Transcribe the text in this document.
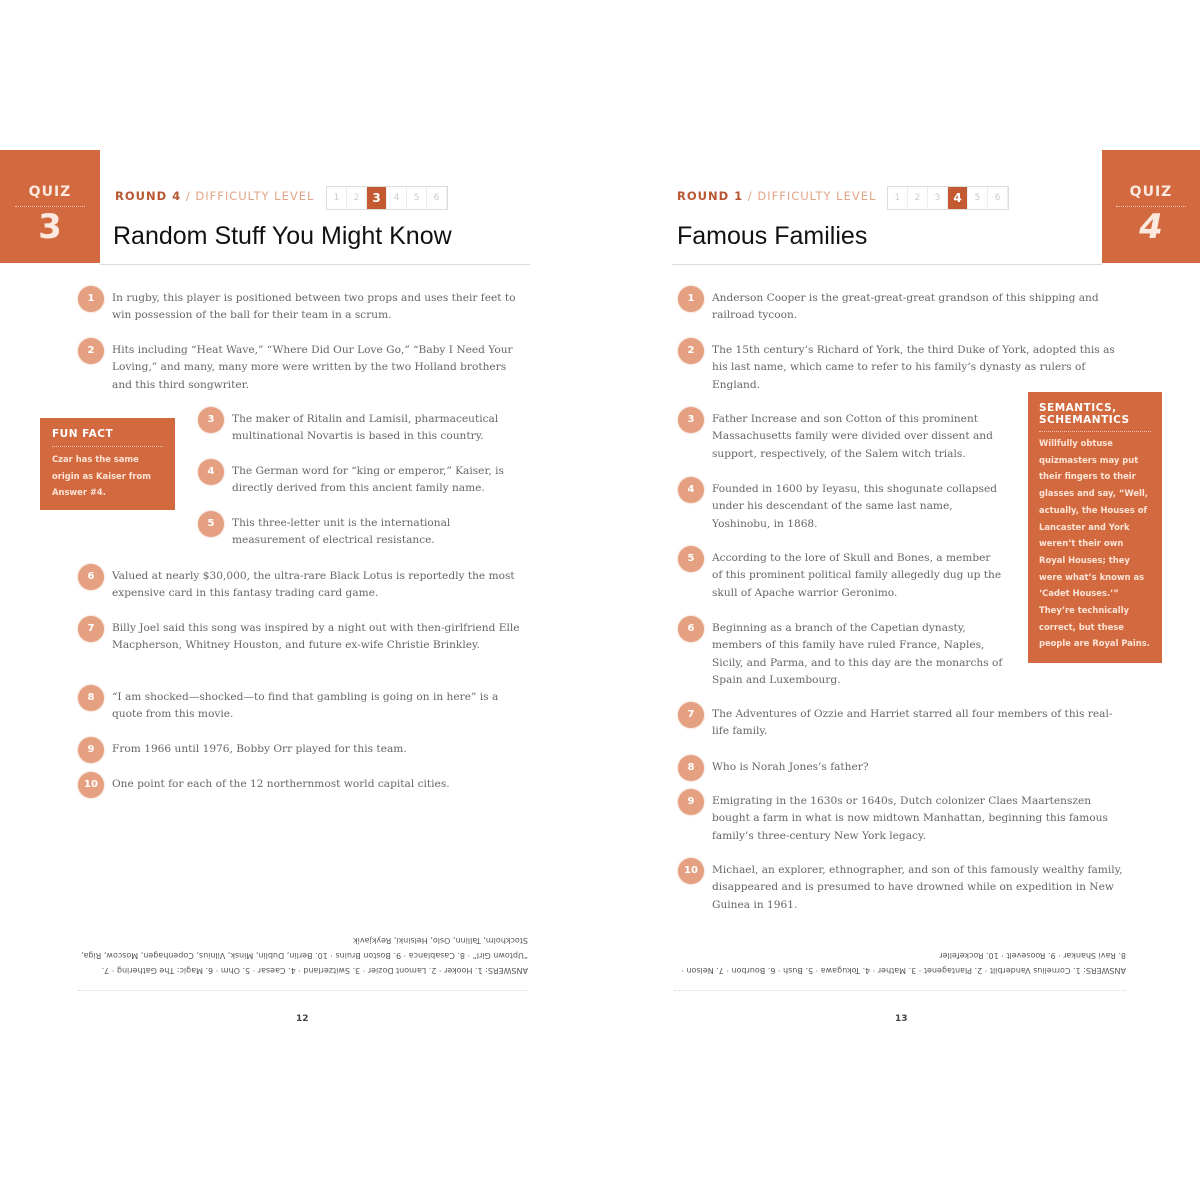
QUIZ
3
ROUND 4 / DIFFICULTY LEVEL	1	2	3	4	5	6
Random Stuff You Might Know
1	In rugby, this player is positioned between two props and uses their feet to win possession of the ball for their team in a scrum.
2	Hits including “Heat Wave,” “Where Did Our Love Go,” “Baby I Need Your Loving,” and many, many more were written by the two Holland brothers and this third songwriter.
3	The maker of Ritalin and Lamisil, pharmaceutical multinational Novartis is based in this country.
4	The German word for “king or emperor,” Kaiser, is directly derived from this ancient family name.
5	This three-letter unit is the international measurement of electrical resistance.
6	Valued at nearly $30,000, the ultra-rare Black Lotus is reportedly the most expensive card in this fantasy trading card game.
7	Billy Joel said this song was inspired by a night out with then-girlfriend Elle Macpherson, Whitney Houston, and future ex-wife Christie Brinkley.
8	“I am shocked—shocked—to find that gambling is going on in here” is a quote from this movie.
9	From 1966 until 1976, Bobby Orr played for this team.
10	One point for each of the 12 northernmost world capital cities.
FUN FACT

Czar has the same origin as Kaiser from Answer #4.

ANSWERS: 1. Hooker · 2. Lamont Dozier · 3. Switzerland · 4. Caesar · 5. Ohm · 6. Magic: The Gathering · 7. “Uptown Girl” · 8. Casablanca · 9. Boston Bruins · 10. Berlin, Dublin, Minsk, Vilnius, Copenhagen, Moscow, Riga, Stockholm, Tallinn, Oslo, Helsinki, Reykjavík
12
QUIZ
4
ROUND 1 / DIFFICULTY LEVEL	1	2	3	4	5	6
Famous Families
1	Anderson Cooper is the great-great-great grandson of this shipping and railroad tycoon.
2	The 15th century’s Richard of York, the third Duke of York, adopted this as his last name, which came to refer to his family’s dynasty as rulers of England.
3	Father Increase and son Cotton of this prominent Massachusetts family were divided over dissent and support, respectively, of the Salem witch trials.
4	Founded in 1600 by Ieyasu, this shogunate collapsed under his descendant of the same last name, Yoshinobu, in 1868.
5	According to the lore of Skull and Bones, a member of this prominent political family allegedly dug up the skull of Apache warrior Geronimo.
6	Beginning as a branch of the Capetian dynasty, members of this family have ruled France, Naples, Sicily, and Parma, and to this day are the monarchs of Spain and Luxembourg.
7	The Adventures of Ozzie and Harriet starred all four members of this real-life family.
8	Who is Norah Jones’s father?
9	Emigrating in the 1630s or 1640s, Dutch colonizer Claes Maartenszen bought a farm in what is now midtown Manhattan, beginning this famous family’s three-century New York legacy.
10	Michael, an explorer, ethnographer, and son of this famously wealthy family, disappeared and is presumed to have drowned while on expedition in New Guinea in 1961.
SEMANTICS, SCHEMANTICS

Willfully obtuse quizmasters may put their fingers to their glasses and say, “Well, actually, the Houses of Lancaster and York weren’t their own Royal Houses; they were what’s known as ‘Cadet Houses.’” They’re technically correct, but these people are Royal Pains.

ANSWERS: 1. Cornelius Vanderbilt · 2. Plantagenet · 3. Mather · 4. Tokugawa · 5. Bush · 6. Bourbon · 7. Nelson · 8. Ravi Shankar · 9. Roosevelt · 10. Rockefeller
13
